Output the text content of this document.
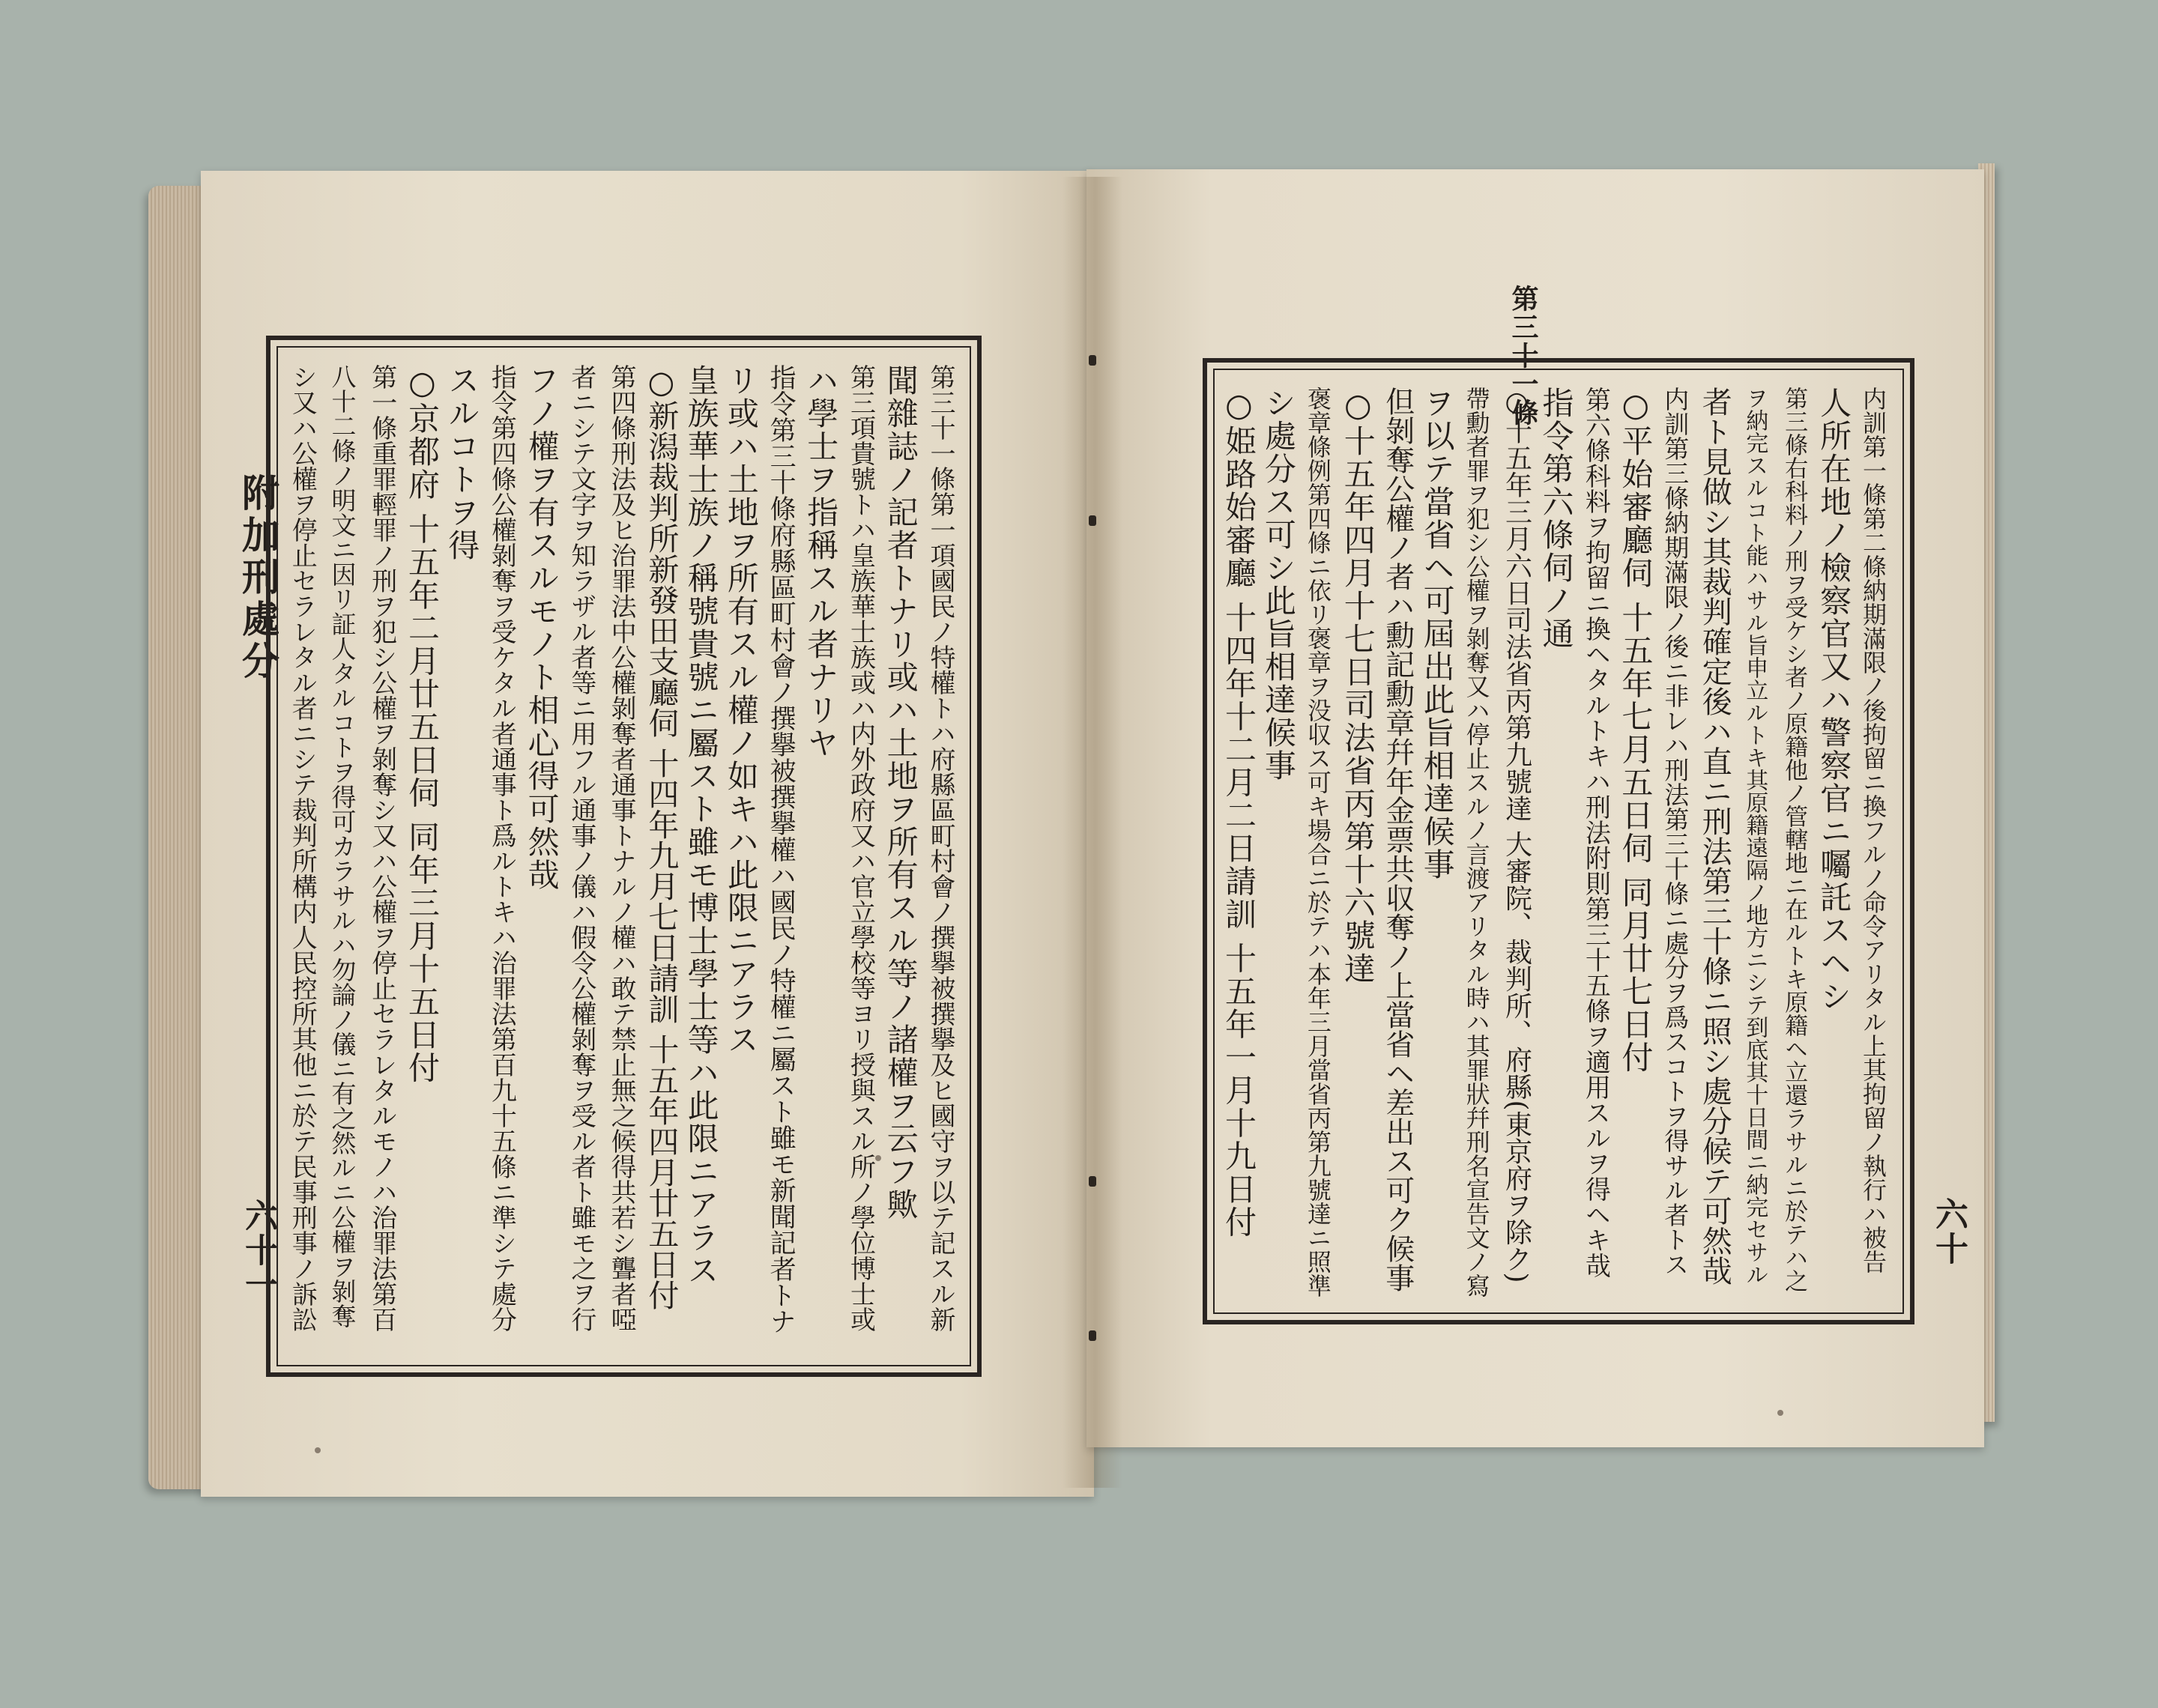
附加刑處分
六十一
第三十一條
六十
第三十一條第一項國民ノ特權トハ府縣區町村會ノ撰擧被撰擧及ヒ國守ヲ以テ記スル新
聞雜誌ノ記者トナリ或ハ土地ヲ所有スル等ノ諸權ヲ云フ歟
第三項貴號トハ皇族華士族或ハ内外政府又ハ官立學校等ヨリ授與スル所ノ學位博士或
ハ學士ヲ指稱スル者ナリヤ
指令第三十條府縣區町村會ノ撰擧被撰擧權ハ國民ノ特權ニ屬スト雖モ新聞記者トナ
リ或ハ土地ヲ所有スル權ノ如キハ此限ニアラス
皇族華士族ノ稱號貴號ニ屬スト雖モ博士學士等ハ此限ニアラス
○新潟裁判所新發田支廳伺 十四年九月七日請訓 十五年四月廿五日付
第四條刑法及ヒ治罪法中公權剝奪者通事トナルノ權ハ敢テ禁止無之候得共若シ聾者啞
者ニシテ文字ヲ知ラザル者等ニ用フル通事ノ儀ハ假令公權剝奪ヲ受ル者ト雖モ之ヲ行
フノ權ヲ有スルモノト相心得可然哉
指令第四條公權剝奪ヲ受ケタル者通事ト爲ルトキハ治罪法第百九十五條ニ準シテ處分
スルコトヲ得
○京都府 十五年二月廿五日伺 同年三月十五日付
第一條重罪輕罪ノ刑ヲ犯シ公權ヲ剝奪シ又ハ公權ヲ停止セラレタルモノハ治罪法第百
八十二條ノ明文ニ因リ証人タルコトヲ得可カラサルハ勿論ノ儀ニ有之然ルニ公權ヲ剝奪
シ又ハ公權ヲ停止セラレタル者ニシテ裁判所構内人民控所其他ニ於テ民事刑事ノ訴訟	内訓第一條第二條納期滿限ノ後拘留ニ換フルノ命令アリタル上其拘留ノ執行ハ被告
人所在地ノ檢察官又ハ警察官ニ囑託スヘシ
第三條右科料ノ刑ヲ受ケシ者ノ原籍他ノ管轄地ニ在ルトキ原籍ヘ立還ラサルニ於テハ之
ヲ納完スルコト能ハサル旨申立ルトキ其原籍遠隔ノ地方ニシテ到底其十日間ニ納完セサル
者ト見做シ其裁判確定後ハ直ニ刑法第三十條ニ照シ處分候テ可然哉
内訓第三條納期滿限ノ後ニ非レハ刑法第三十條ニ處分ヲ爲スコトヲ得サル者トス
○平始審廳伺 十五年七月五日伺 同月廿七日付
第六條科料ヲ拘留ニ換ヘタルトキハ刑法附則第三十五條ヲ適用スルヲ得ヘキ哉
指令第六條伺ノ通
○十五年三月六日司法省丙第九號達 大審院、裁判所、府縣(東京府ヲ除ク)
帶勳者罪ヲ犯シ公權ヲ剝奪又ハ停止スルノ言渡アリタル時ハ其罪狀幷刑名宣告文ノ寫
ヲ以テ當省ヘ可屆出此旨相達候事
但剝奪公權ノ者ハ勳記勳章幷年金票共収奪ノ上當省ヘ差出ス可ク候事
○十五年四月十七日司法省丙第十六號達
褒章條例第四條ニ依リ褒章ヲ没収ス可キ場合ニ於テハ本年三月當省丙第九號達ニ照準
シ處分ス可シ此旨相達候事
○姫路始審廳 十四年十二月二日請訓 十五年一月十九日付
